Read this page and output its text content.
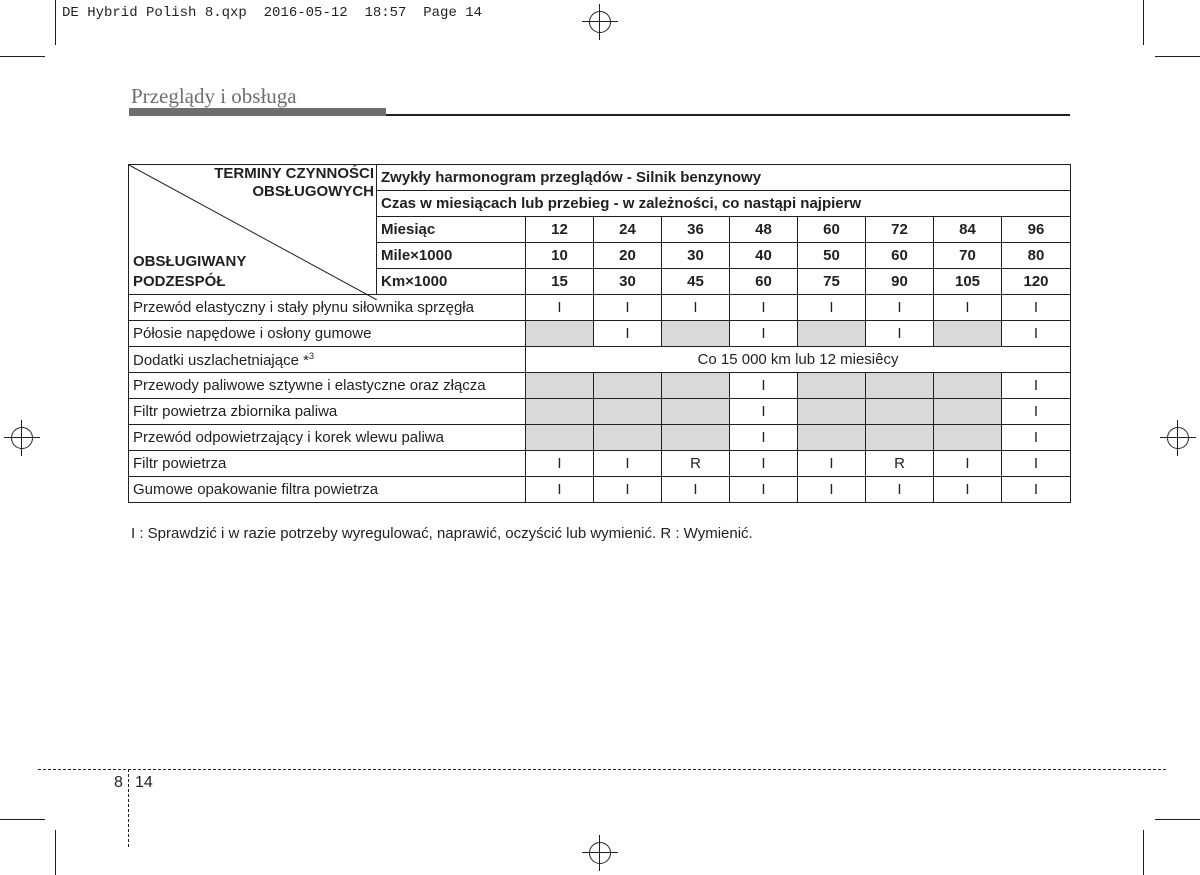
DE Hybrid Polish 8.qxp  2016-05-12  18:57  Page 14
Przeglądy i obsługa
TERMINY CZYNNOŚCI
OBSŁUGOWYCH
OBSŁUGIWANY
PODZESPÓŁ	Zwykły harmonogram przeglądów - Silnik benzynowy								
	Czas w miesiącach lub przebieg - w zależności, co nastąpi najpierw								
	Miesiąc	12	24	36	48	60	72	84	96
	Mile×1000	10	20	30	40	50	60	70	80
	Km×1000	15	30	45	60	75	90	105	120
Przewód elastyczny i stały płynu siłownika sprzęgła		I	I	I	I	I	I	I	I
Półosie napędowe i osłony gumowe			I		I		I		I
Dodatki uszlachetniające *$^3$		Co 15 000 km lub 12 miesiêcy							
Przewody paliwowe sztywne i elastyczne oraz złącza					I				I
Filtr powietrza zbiornika paliwa					I				I
Przewód odpowietrzający i korek wlewu paliwa					I				I
Filtr powietrza		I	I	R	I	I	R	I	I
Gumowe opakowanie filtra powietrza		I	I	I	I	I	I	I	I
I : Sprawdzić i w razie potrzeby wyregulować, naprawić, oczyścić lub wymienić. R : Wymienić.
8 14
